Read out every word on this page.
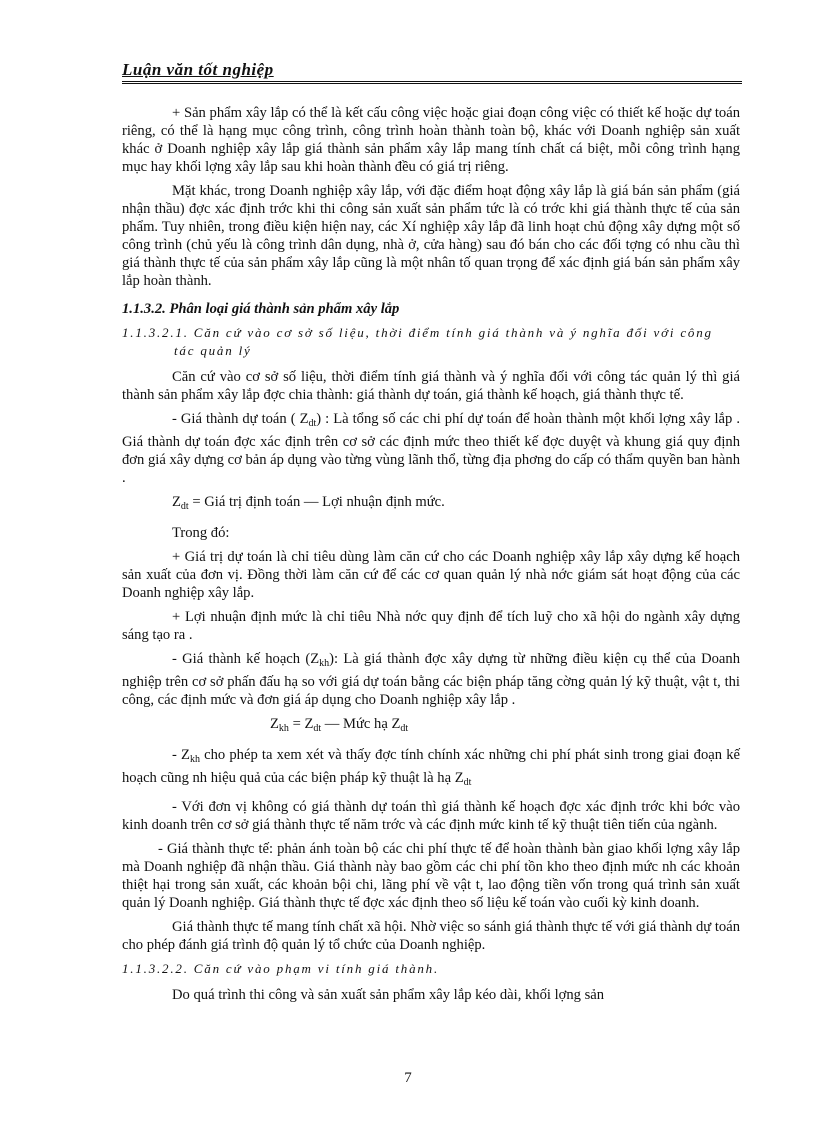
Luận văn tốt nghiệp

+ Sản phẩm xây lắp có thể là kết cấu công việc hoặc giai đoạn công việc có thiết kế hoặc dự toán riêng, có thể là hạng mục công trình, công trình hoàn thành toàn bộ, khác với Doanh nghiệp sản xuất khác ở Doanh nghiệp xây lắp giá thành sản phẩm xây lắp mang tính chất cá biệt, mỗi công trình hạng mục hay khối lợng xây lắp sau khi hoàn thành đều có giá trị riêng.

Mặt khác, trong Doanh nghiệp xây lắp, với đặc điểm hoạt động xây lắp là giá bán sản phẩm (giá nhận thầu) đợc xác định trớc khi thi công sản xuất sản phẩm tức là có trớc khi giá thành thực tế của sản phẩm. Tuy nhiên, trong điều kiện hiện nay, các Xí nghiệp xây lắp đã linh hoạt chủ động xây dựng một số công trình (chủ yếu là công trình dân dụng, nhà ở, cửa hàng) sau đó bán cho các đối tợng có nhu cầu thì giá thành thực tế của sản phẩm xây lắp cũng là một nhân tố quan trọng để xác định giá bán sản phẩm xây lắp hoàn thành.

1.1.3.2. Phân loại giá thành sản phẩm xây lắp

1.1.3.2.1. Căn cứ vào cơ sở số liệu, thời điểm tính giá thành và ý nghĩa đối với công
tác quản lý

Căn cứ vào cơ sở số liệu, thời điểm tính giá thành và ý nghĩa đối với công tác quản lý thì giá thành sản phẩm xây lắp đợc chia thành: giá thành dự toán, giá thành kế hoạch, giá thành thực tế.

- Giá thành dự toán ( $Z_{dt}$) : Là tổng số các chi phí dự toán để hoàn thành một khối lợng xây lắp . Giá thành dự toán đợc xác định trên cơ sở các định mức theo thiết kế đợc duyệt và khung giá quy định đơn giá xây dựng cơ bản áp dụng vào từng vùng lãnh thổ, từng địa phơng do cấp có thẩm quyền ban hành .

$Z_{dt}$ = Giá trị định toán — Lợi nhuận định mức.

Trong đó:

+ Giá trị dự toán là chỉ tiêu dùng làm căn cứ cho các Doanh nghiệp xây lắp xây dựng kế hoạch sản xuất của đơn vị. Đồng thời làm căn cứ để các cơ quan quản lý nhà nớc giám sát hoạt động của các Doanh nghiệp xây lắp.

+ Lợi nhuận định mức là chỉ tiêu Nhà nớc quy định để tích luỹ cho xã hội do ngành xây dựng sáng tạo ra .

- Giá thành kế hoạch $(Z_{kh})$: Là giá thành đợc xây dựng từ những điều kiện cụ thể của Doanh nghiệp trên cơ sở phấn đấu hạ so với giá dự toán bằng các biện pháp tăng cờng quản lý kỹ thuật, vật t, thi công, các định mức và đơn giá áp dụng cho Doanh nghiệp xây lắp .

$Z_{kh} = Z_{dt}$ — Mức hạ $Z_{dt}$

- $Z_{kh}$ cho phép ta xem xét và thấy đợc tính chính xác những chi phí phát sinh trong giai đoạn kế hoạch cũng nh hiệu quả của các biện pháp kỹ thuật là hạ $Z_{dt}$

- Với đơn vị không có giá thành dự toán thì giá thành kế hoạch đợc xác định trớc khi bớc vào kinh doanh trên cơ sở giá thành thực tế năm trớc và các định mức kinh tế kỹ thuật tiên tiến của ngành.

- Giá thành thực tế: phản ánh toàn bộ các chi phí thực tế để hoàn thành bàn giao khối lợng xây lắp mà Doanh nghiệp đã nhận thầu. Giá thành này bao gồm các chi phí tồn kho theo định mức nh các khoản thiệt hại trong sản xuất, các khoản bội chi, lãng phí về vật t, lao động tiền vốn trong quá trình sản xuất quản lý Doanh nghiệp. Giá thành thực tế đợc xác định theo số liệu kế toán vào cuối kỳ kinh doanh.

Giá thành thực tế mang tính chất xã hội. Nhờ việc so sánh giá thành thực tế với giá thành dự toán cho phép đánh giá trình độ quản lý tổ chức của Doanh nghiệp.

1.1.3.2.2. Căn cứ vào phạm vi tính giá thành.

Do quá trình thi công và sản xuất sản phẩm xây lắp kéo dài, khối lợng sản

7
